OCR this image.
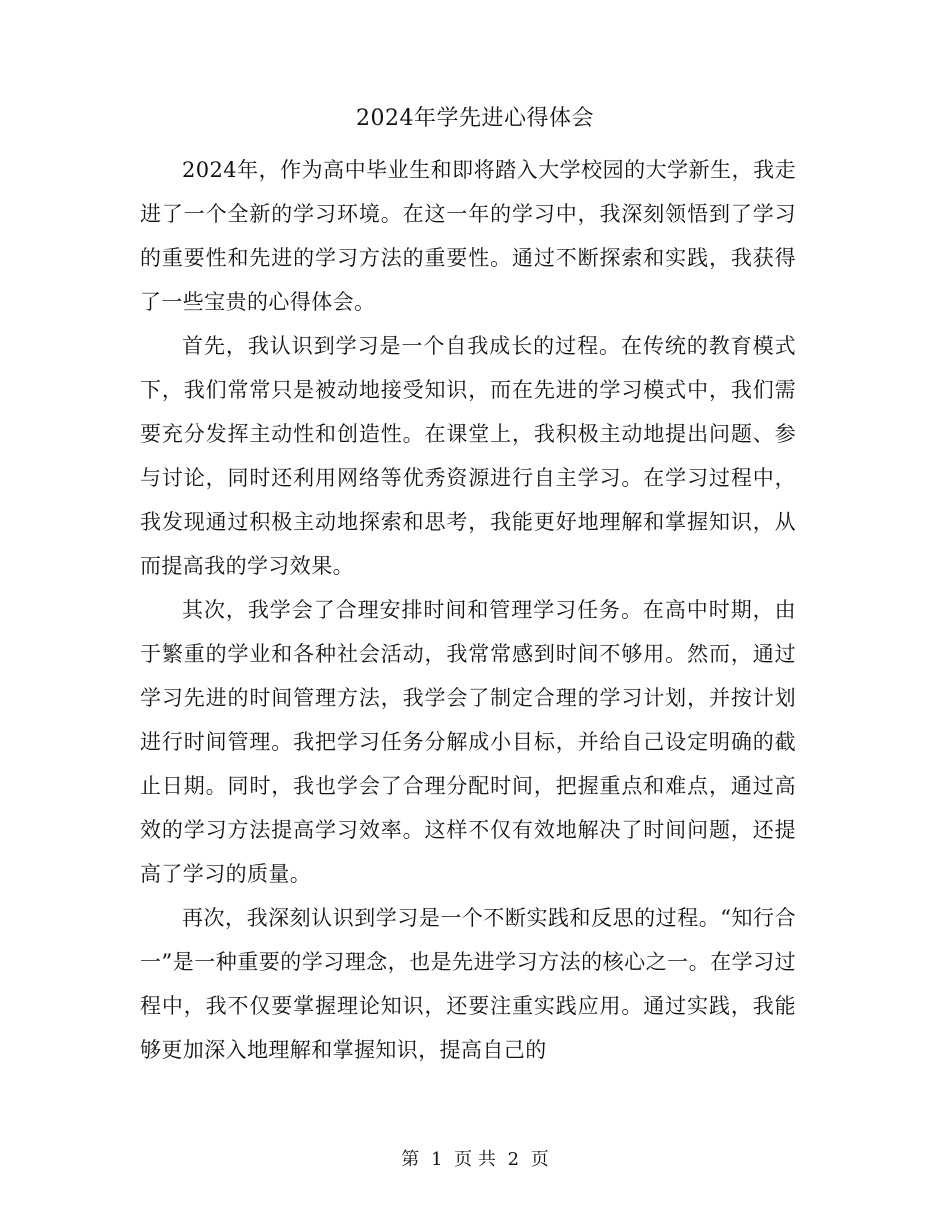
2024年学先进心得体会

2024年，作为高中毕业生和即将踏入大学校园的大学新生，我走进了一个全新的学习环境。在这一年的学习中，我深刻领悟到了学习的重要性和先进的学习方法的重要性。通过不断探索和实践，我获得了一些宝贵的心得体会。

首先，我认识到学习是一个自我成长的过程。在传统的教育模式下，我们常常只是被动地接受知识，而在先进的学习模式中，我们需要充分发挥主动性和创造性。在课堂上，我积极主动地提出问题、参与讨论，同时还利用网络等优秀资源进行自主学习。在学习过程中，我发现通过积极主动地探索和思考，我能更好地理解和掌握知识，从而提高我的学习效果。

其次，我学会了合理安排时间和管理学习任务。在高中时期，由于繁重的学业和各种社会活动，我常常感到时间不够用。然而，通过学习先进的时间管理方法，我学会了制定合理的学习计划，并按计划进行时间管理。我把学习任务分解成小目标，并给自己设定明确的截止日期。同时，我也学会了合理分配时间，把握重点和难点，通过高效的学习方法提高学习效率。这样不仅有效地解决了时间问题，还提高了学习的质量。

再次，我深刻认识到学习是一个不断实践和反思的过程。“知行合一”是一种重要的学习理念，也是先进学习方法的核心之一。在学习过程中，我不仅要掌握理论知识，还要注重实践应用。通过实践，我能够更加深入地理解和掌握知识，提高自己的

第 1 页 共 2 页
